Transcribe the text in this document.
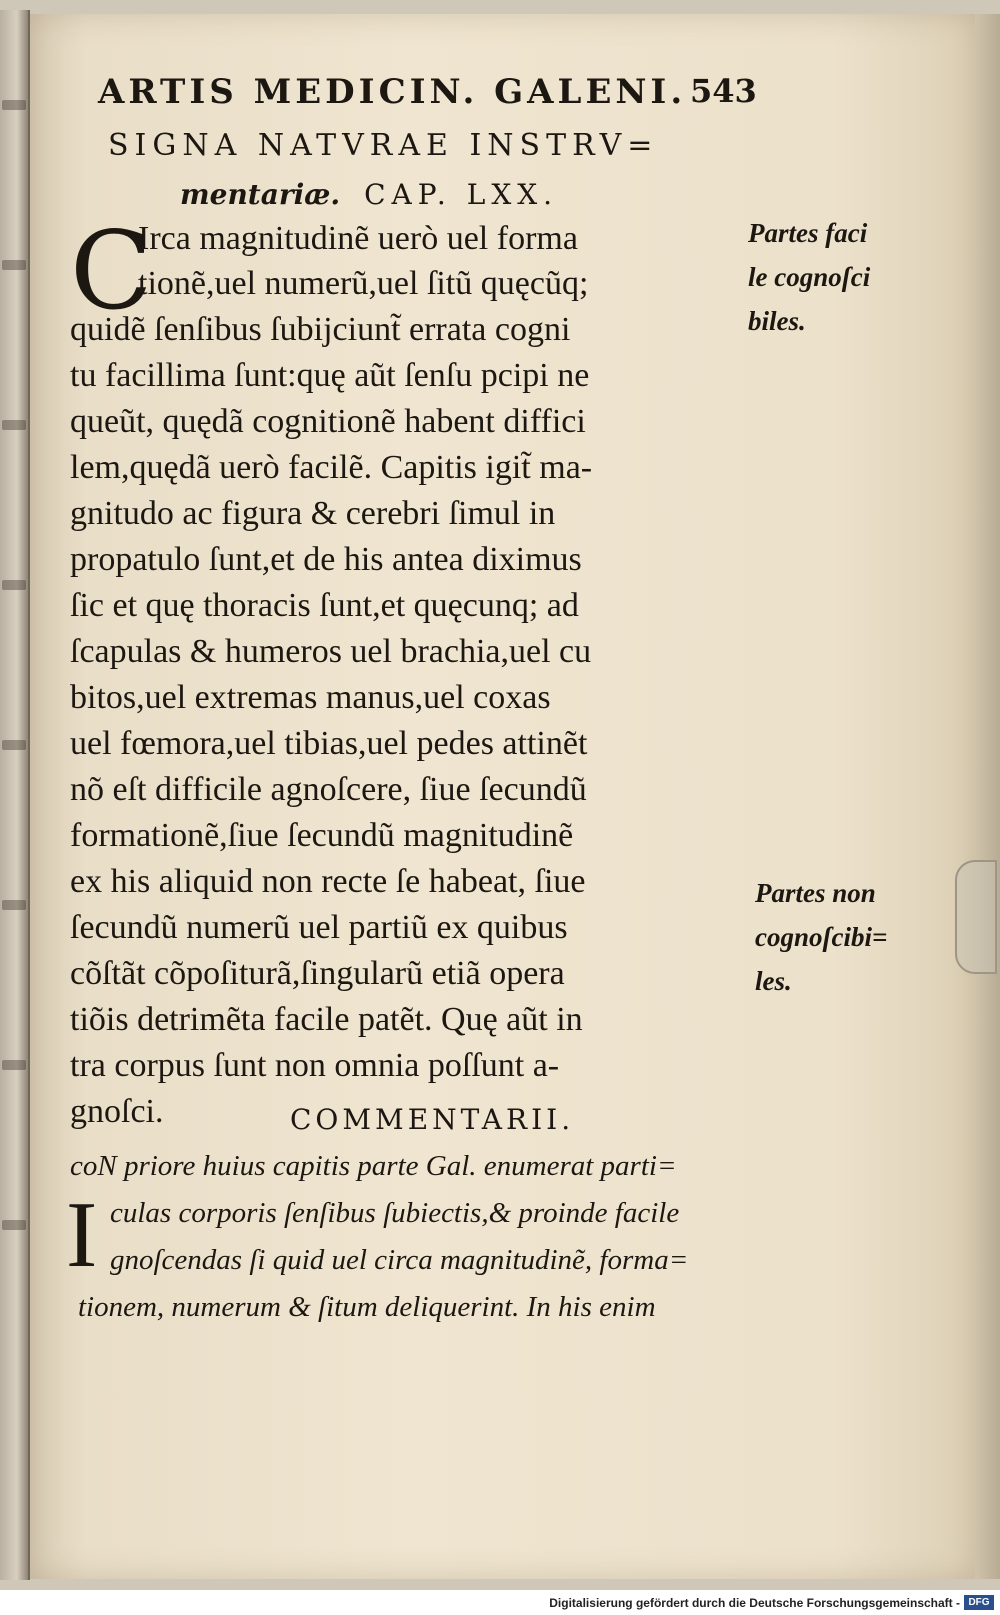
ARTIS MEDICIN. GALENI. 543
SIGNA NATVRAE INSTRV=
mentariæ. CAP. LXX.
C
Irca magnitudinẽ uerò uel forma
tionẽ,uel numerũ,uel ſitũ quęcũq;
quidẽ ſenſibus ſubijciunt̃ errata cogni
tu facillima ſunt:quę aũt ſenſu pcipi ne
queũt, quędã cognitionẽ habent diffici
lem,quędã uerò facilẽ. Capitis igit̃ ma-
gnitudo ac figura & cerebri ſimul in
propatulo ſunt,et de his antea diximus
ſic et quę thoracis ſunt,et quęcunq; ad
ſcapulas & humeros uel brachia,uel cu
bitos,uel extremas manus,uel coxas
uel fœmora,uel tibias,uel pedes attinẽt
nõ eſt difficile agnoſcere, ſiue ſecundũ
formationẽ,ſiue ſecundũ magnitudinẽ
ex his aliquid non recte ſe habeat, ſiue
ſecundũ numerũ uel partiũ ex quibus
cõſtãt cõpoſiturã,ſingularũ etiã opera
tiõis detrimẽta facile patẽt. Quę aũt in
tra corpus ſunt non omnia poſſunt a-
gnoſci.	COMMENTARII.
coN priore huius capitis parte Gal. enumerat parti=
I culas corporis ſenſibus ſubiectis,& proinde facile
gnoſcendas ſi quid uel circa magnitudinẽ, forma=
tionem, numerum & ſitum deliquerint. In his enim
Partes faci
le cognoſci
biles.
Partes non
cognoſcibi=
les.
Digitalisierung gefördert durch die Deutsche Forschungsgemeinschaft - DFG
